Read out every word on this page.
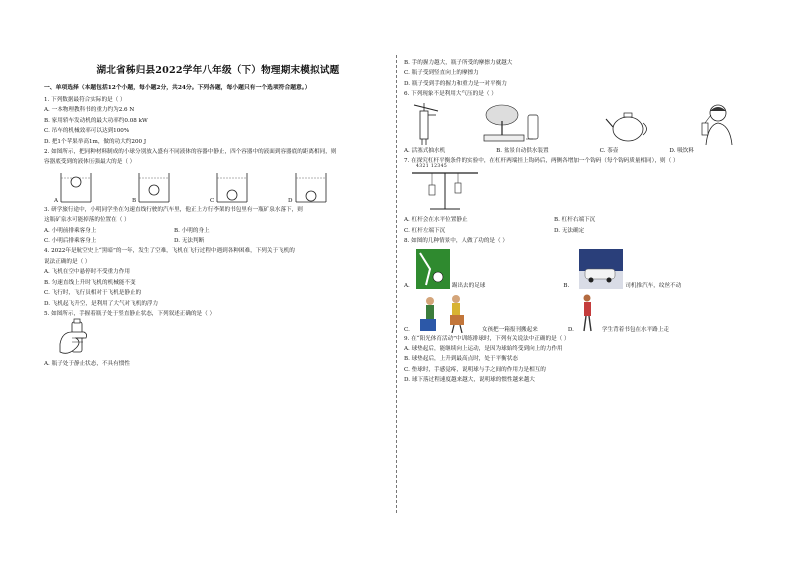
湖北省秭归县2022学年八年级（下）物理期末模拟试题
一、单项选择（本题包括12个小题，每小题2分，共24分。下列各题，每小题只有一个选项符合题意。）

1. 下列数据最符合实际的是（ ）

A. 一本物理教科书的重力约为2.6 N

B. 家用轿车发动机的最大功率约0.08 kW

C. 吊车的机械效率可以达到100%

D. 把1个苹果举高1m，做的功大约200 J

2. 如图所示，把同种材料制成的小球分别放入盛有不同液体的容器中静止，四个容器中的液面到容器底的距离相同，则

容器底受到的液体压强最大的是（ ）

A	B	C	D

3. 研学旅行途中，小明同学坐在匀速直线行驶的汽车里，他正上方行李架的书包里有一瓶矿泉水落下，则

这瓶矿泉水可能掉落的位置在（ ）

A. 小明前排乘客身上	B. 小明的身上
C. 小明后排乘客身上	D. 无法判断

4. 2022年是航空史上“黑暗”的一年，发生了空难，飞机在飞行过程中遇到各种困难，下列关于飞机的

说法正确的是（ ）

A. 飞机在空中悬停时不受重力作用

B. 匀速直线上升时飞机的机械能不变

C. 飞行时，飞行员相对于飞机是静止的

D. 飞机起飞升空，是利用了大气对飞机的浮力

5. 如图所示，手握着瓶子处于竖直静止状态，下列叙述正确的是（ ）

A. 瓶子处于静止状态，不具有惯性

B. 手的握力越大，瓶子所受的摩擦力就越大

C. 瓶子受到竖直向上的摩擦力

D. 瓶子受到手的握力和重力是一对平衡力

6. 下列现象不是利用大气压的是（ ）

A. 活塞式抽水机	B. 盆景自动供水装置	C. 茶壶	D. 吸饮料

7. 在探究杠杆平衡条件的实验中，在杠杆两端挂上钩码后，两侧各增加一个钩码（每个钩码质量相同），则（ ）

4321 12345
A. 杠杆会在水平位置静止	B. 杠杆右端下沉
C. 杠杆左端下沉	D. 无法确定

8. 如图的几种情景中，人做了功的是（ ）

A.	踢出去的足球	B.	司机推汽车，纹丝不动
C.	女孩把一箱报刊搬起来	D.	学生背着书包在水平路上走

9. 在“阳光体育活动”中训练排球时，下列有关说法中正确的是（ ）

A. 球垫起后，能继续向上运动，是因为球始终受到向上的力作用

B. 球垫起后，上升到最高点时，处于平衡状态

C. 垫球时，手感觉疼，说明球与手之间的作用力是相互的

D. 球下落过程速度越来越大，说明球的惯性越来越大
